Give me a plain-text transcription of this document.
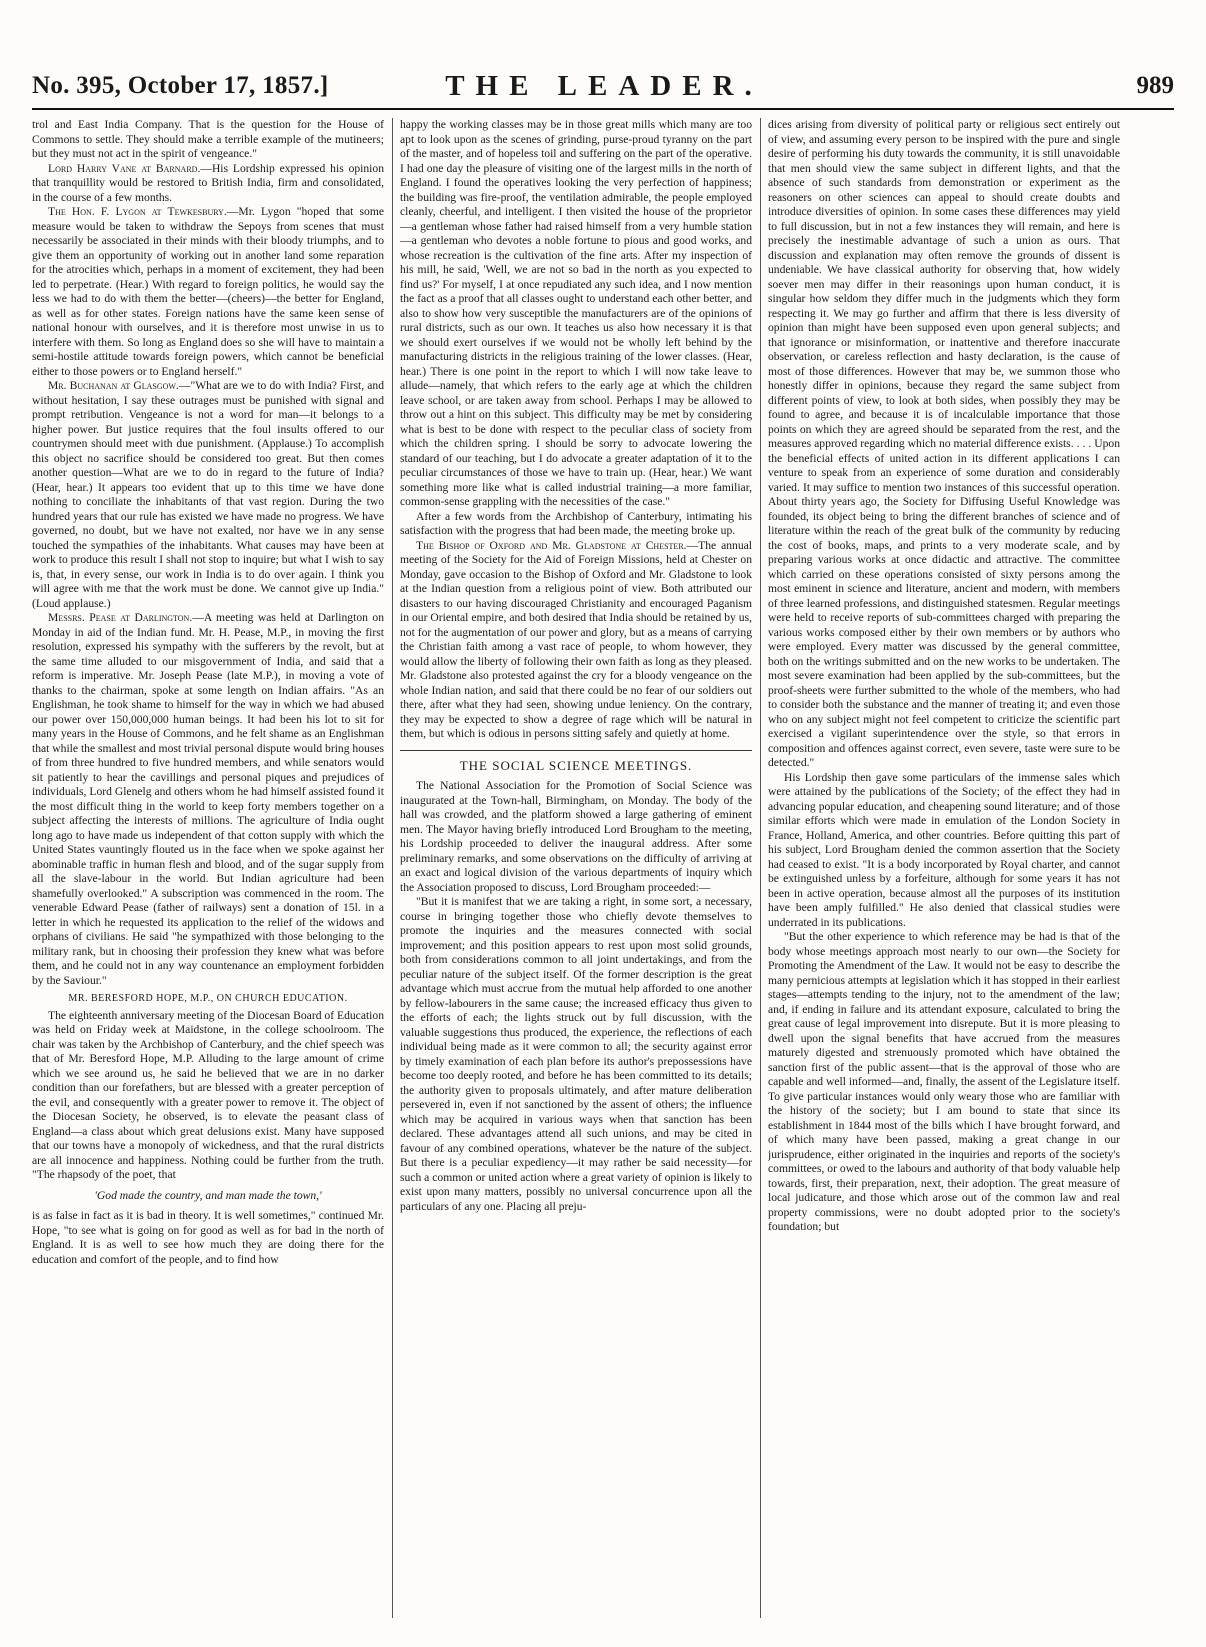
No. 395, October 17, 1857.]	THE LEADER.	989

trol and East India Company. That is the question for the House of Commons to settle. They should make a terrible example of the mutineers; but they must not act in the spirit of vengeance."

Lord Harry Vane at Barnard.—His Lordship expressed his opinion that tranquillity would be restored to British India, firm and consolidated, in the course of a few months.

The Hon. F. Lygon at Tewkesbury.—Mr. Lygon "hoped that some measure would be taken to withdraw the Sepoys from scenes that must necessarily be associated in their minds with their bloody triumphs, and to give them an opportunity of working out in another land some reparation for the atrocities which, perhaps in a moment of excitement, they had been led to perpetrate. (Hear.) With regard to foreign politics, he would say the less we had to do with them the better—(cheers)—the better for England, as well as for other states. Foreign nations have the same keen sense of national honour with ourselves, and it is therefore most unwise in us to interfere with them. So long as England does so she will have to maintain a semi-hostile attitude towards foreign powers, which cannot be beneficial either to those powers or to England herself."

Mr. Buchanan at Glasgow.—"What are we to do with India? First, and without hesitation, I say these outrages must be punished with signal and prompt retribution. Vengeance is not a word for man—it belongs to a higher power. But justice requires that the foul insults offered to our countrymen should meet with due punishment. (Applause.) To accomplish this object no sacrifice should be considered too great. But then comes another question—What are we to do in regard to the future of India? (Hear, hear.) It appears too evident that up to this time we have done nothing to conciliate the inhabitants of that vast region. During the two hundred years that our rule has existed we have made no progress. We have governed, no doubt, but we have not exalted, nor have we in any sense touched the sympathies of the inhabitants. What causes may have been at work to produce this result I shall not stop to inquire; but what I wish to say is, that, in every sense, our work in India is to do over again. I think you will agree with me that the work must be done. We cannot give up India." (Loud applause.)

Messrs. Pease at Darlington.—A meeting was held at Darlington on Monday in aid of the Indian fund. Mr. H. Pease, M.P., in moving the first resolution, expressed his sympathy with the sufferers by the revolt, but at the same time alluded to our misgovernment of India, and said that a reform is imperative. Mr. Joseph Pease (late M.P.), in moving a vote of thanks to the chairman, spoke at some length on Indian affairs. "As an Englishman, he took shame to himself for the way in which we had abused our power over 150,000,000 human beings. It had been his lot to sit for many years in the House of Commons, and he felt shame as an Englishman that while the smallest and most trivial personal dispute would bring houses of from three hundred to five hundred members, and while senators would sit patiently to hear the cavillings and personal piques and prejudices of individuals, Lord Glenelg and others whom he had himself assisted found it the most difficult thing in the world to keep forty members together on a subject affecting the interests of millions. The agriculture of India ought long ago to have made us independent of that cotton supply with which the United States vauntingly flouted us in the face when we spoke against her abominable traffic in human flesh and blood, and of the sugar supply from all the slave-labour in the world. But Indian agriculture had been shamefully overlooked." A subscription was commenced in the room. The venerable Edward Pease (father of railways) sent a donation of 15l. in a letter in which he requested its application to the relief of the widows and orphans of civilians. He said "he sympathized with those belonging to the military rank, but in choosing their profession they knew what was before them, and he could not in any way countenance an employment forbidden by the Saviour."

MR. BERESFORD HOPE, M.P., ON CHURCH EDUCATION.

The eighteenth anniversary meeting of the Diocesan Board of Education was held on Friday week at Maidstone, in the college schoolroom. The chair was taken by the Archbishop of Canterbury, and the chief speech was that of Mr. Beresford Hope, M.P. Alluding to the large amount of crime which we see around us, he said he believed that we are in no darker condition than our forefathers, but are blessed with a greater perception of the evil, and consequently with a greater power to remove it. The object of the Diocesan Society, he observed, is to elevate the peasant class of England—a class about which great delusions exist. Many have supposed that our towns have a monopoly of wickedness, and that the rural districts are all innocence and happiness. Nothing could be further from the truth. "The rhapsody of the poet, that

'God made the country, and man made the town,'

is as false in fact as it is bad in theory. It is well sometimes," continued Mr. Hope, "to see what is going on for good as well as for bad in the north of England. It is as well to see how much they are doing there for the education and comfort of the people, and to find how

happy the working classes may be in those great mills which many are too apt to look upon as the scenes of grinding, purse-proud tyranny on the part of the master, and of hopeless toil and suffering on the part of the operative. I had one day the pleasure of visiting one of the largest mills in the north of England. I found the operatives looking the very perfection of happiness; the building was fire-proof, the ventilation admirable, the people employed cleanly, cheerful, and intelligent. I then visited the house of the proprietor—a gentleman whose father had raised himself from a very humble station—a gentleman who devotes a noble fortune to pious and good works, and whose recreation is the cultivation of the fine arts. After my inspection of his mill, he said, 'Well, we are not so bad in the north as you expected to find us?' For myself, I at once repudiated any such idea, and I now mention the fact as a proof that all classes ought to understand each other better, and also to show how very susceptible the manufacturers are of the opinions of rural districts, such as our own. It teaches us also how necessary it is that we should exert ourselves if we would not be wholly left behind by the manufacturing districts in the religious training of the lower classes. (Hear, hear.) There is one point in the report to which I will now take leave to allude—namely, that which refers to the early age at which the children leave school, or are taken away from school. Perhaps I may be allowed to throw out a hint on this subject. This difficulty may be met by considering what is best to be done with respect to the peculiar class of society from which the children spring. I should be sorry to advocate lowering the standard of our teaching, but I do advocate a greater adaptation of it to the peculiar circumstances of those we have to train up. (Hear, hear.) We want something more like what is called industrial training—a more familiar, common-sense grappling with the necessities of the case."

After a few words from the Archbishop of Canterbury, intimating his satisfaction with the progress that had been made, the meeting broke up.

The Bishop of Oxford and Mr. Gladstone at Chester.—The annual meeting of the Society for the Aid of Foreign Missions, held at Chester on Monday, gave occasion to the Bishop of Oxford and Mr. Gladstone to look at the Indian question from a religious point of view. Both attributed our disasters to our having discouraged Christianity and encouraged Paganism in our Oriental empire, and both desired that India should be retained by us, not for the augmentation of our power and glory, but as a means of carrying the Christian faith among a vast race of people, to whom however, they would allow the liberty of following their own faith as long as they pleased. Mr. Gladstone also protested against the cry for a bloody vengeance on the whole Indian nation, and said that there could be no fear of our soldiers out there, after what they had seen, showing undue leniency. On the contrary, they may be expected to show a degree of rage which will be natural in them, but which is odious in persons sitting safely and quietly at home.

THE SOCIAL SCIENCE MEETINGS.

The National Association for the Promotion of Social Science was inaugurated at the Town-hall, Birmingham, on Monday. The body of the hall was crowded, and the platform showed a large gathering of eminent men. The Mayor having briefly introduced Lord Brougham to the meeting, his Lordship proceeded to deliver the inaugural address. After some preliminary remarks, and some observations on the difficulty of arriving at an exact and logical division of the various departments of inquiry which the Association proposed to discuss, Lord Brougham proceeded:—

"But it is manifest that we are taking a right, in some sort, a necessary, course in bringing together those who chiefly devote themselves to promote the inquiries and the measures connected with social improvement; and this position appears to rest upon most solid grounds, both from considerations common to all joint undertakings, and from the peculiar nature of the subject itself. Of the former description is the great advantage which must accrue from the mutual help afforded to one another by fellow-labourers in the same cause; the increased efficacy thus given to the efforts of each; the lights struck out by full discussion, with the valuable suggestions thus produced, the experience, the reflections of each individual being made as it were common to all; the security against error by timely examination of each plan before its author's prepossessions have become too deeply rooted, and before he has been committed to its details; the authority given to proposals ultimately, and after mature deliberation persevered in, even if not sanctioned by the assent of others; the influence which may be acquired in various ways when that sanction has been declared. These advantages attend all such unions, and may be cited in favour of any combined operations, whatever be the nature of the subject. But there is a peculiar expediency—it may rather be said necessity—for such a common or united action where a great variety of opinion is likely to exist upon many matters, possibly no universal concurrence upon all the particulars of any one. Placing all preju-

dices arising from diversity of political party or religious sect entirely out of view, and assuming every person to be inspired with the pure and single desire of performing his duty towards the community, it is still unavoidable that men should view the same subject in different lights, and that the absence of such standards from demonstration or experiment as the reasoners on other sciences can appeal to should create doubts and introduce diversities of opinion. In some cases these differences may yield to full discussion, but in not a few instances they will remain, and here is precisely the inestimable advantage of such a union as ours. That discussion and explanation may often remove the grounds of dissent is undeniable. We have classical authority for observing that, how widely soever men may differ in their reasonings upon human conduct, it is singular how seldom they differ much in the judgments which they form respecting it. We may go further and affirm that there is less diversity of opinion than might have been supposed even upon general subjects; and that ignorance or misinformation, or inattentive and therefore inaccurate observation, or careless reflection and hasty declaration, is the cause of most of those differences. However that may be, we summon those who honestly differ in opinions, because they regard the same subject from different points of view, to look at both sides, when possibly they may be found to agree, and because it is of incalculable importance that those points on which they are agreed should be separated from the rest, and the measures approved regarding which no material difference exists. . . . Upon the beneficial effects of united action in its different applications I can venture to speak from an experience of some duration and considerably varied. It may suffice to mention two instances of this successful operation. About thirty years ago, the Society for Diffusing Useful Knowledge was founded, its object being to bring the different branches of science and of literature within the reach of the great bulk of the community by reducing the cost of books, maps, and prints to a very moderate scale, and by preparing various works at once didactic and attractive. The committee which carried on these operations consisted of sixty persons among the most eminent in science and literature, ancient and modern, with members of three learned professions, and distinguished statesmen. Regular meetings were held to receive reports of sub-committees charged with preparing the various works composed either by their own members or by authors who were employed. Every matter was discussed by the general committee, both on the writings submitted and on the new works to be undertaken. The most severe examination had been applied by the sub-committees, but the proof-sheets were further submitted to the whole of the members, who had to consider both the substance and the manner of treating it; and even those who on any subject might not feel competent to criticize the scientific part exercised a vigilant superintendence over the style, so that errors in composition and offences against correct, even severe, taste were sure to be detected."

His Lordship then gave some particulars of the immense sales which were attained by the publications of the Society; of the effect they had in advancing popular education, and cheapening sound literature; and of those similar efforts which were made in emulation of the London Society in France, Holland, America, and other countries. Before quitting this part of his subject, Lord Brougham denied the common assertion that the Society had ceased to exist. "It is a body incorporated by Royal charter, and cannot be extinguished unless by a forfeiture, although for some years it has not been in active operation, because almost all the purposes of its institution have been amply fulfilled." He also denied that classical studies were underrated in its publications.

"But the other experience to which reference may be had is that of the body whose meetings approach most nearly to our own—the Society for Promoting the Amendment of the Law. It would not be easy to describe the many pernicious attempts at legislation which it has stopped in their earliest stages—attempts tending to the injury, not to the amendment of the law; and, if ending in failure and its attendant exposure, calculated to bring the great cause of legal improvement into disrepute. But it is more pleasing to dwell upon the signal benefits that have accrued from the measures maturely digested and strenuously promoted which have obtained the sanction first of the public assent—that is the approval of those who are capable and well informed—and, finally, the assent of the Legislature itself. To give particular instances would only weary those who are familiar with the history of the society; but I am bound to state that since its establishment in 1844 most of the bills which I have brought forward, and of which many have been passed, making a great change in our jurisprudence, either originated in the inquiries and reports of the society's committees, or owed to the labours and authority of that body valuable help towards, first, their preparation, next, their adoption. The great measure of local judicature, and those which arose out of the common law and real property commissions, were no doubt adopted prior to the society's foundation; but
